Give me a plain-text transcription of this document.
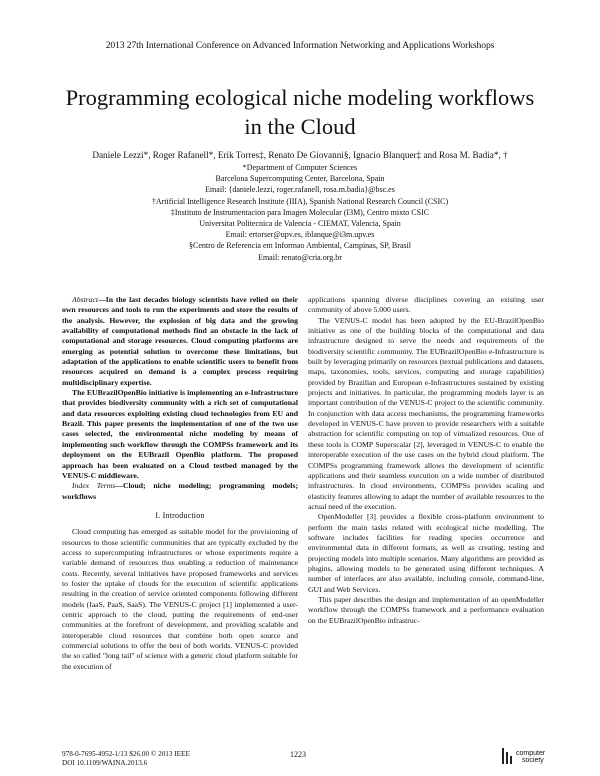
2013 27th International Conference on Advanced Information Networking and Applications Workshops
Programming ecological niche modeling workflows
in the Cloud
Daniele Lezzi*, Roger Rafanell*, Erik Torres‡, Renato De Giovanni§, Ignacio Blanquer‡ and Rosa M. Badia*, †
*Department of Computer Sciences
Barcelona Supercomputing Center, Barcelona, Spain
Email: {daniele.lezzi, roger.rafanell, rosa.m.badia}@bsc.es
†Artificial Intelligence Research Institute (IIIA), Spanish National Research Council (CSIC)
‡Instituto de Instrumentacion para Imagen Molecular (I3M), Centro mixto CSIC
Universitat Politecnica de Valencia - CIEMAT, Valencia, Spain
Email: ertorser@upv.es, iblanque@i3m.upv.es
§Centro de Referencia em Informao Ambiental, Campinas, SP, Brasil
Email: renato@cria.org.br

Abstract—In the last decades biology scientists have relied on their own resources and tools to run the experiments and store the results of the analysis. However, the explosion of big data and the growing availability of computational methods find an obstacle in the lack of computational and storage resources. Cloud computing platforms are emerging as potential solution to overcome these limitations, but adaptation of the applications to enable scientific users to benefit from resources acquired on demand is a complex process requiring multidisciplinary expertise.

The EUBrazilOpenBio initiative is implementing an e-Infrastructure that provides biodiversity community with a rich set of computational and data resources exploiting existing cloud technologies from EU and Brazil. This paper presents the implementation of one of the two use cases selected, the environmental niche modeling by means of implementing such workflow through the COMPSs framework and its deployment on the EUBrazil OpenBio platform. The proposed approach has been evaluated on a Cloud testbed managed by the VENUS-C middleware.

Index Terms—Cloud; niche modeling; programming models; workflows

I. Introduction

Cloud computing has emerged as suitable model for the provisioning of resources to those scientific communities that are typically excluded by the access to supercomputing infrastructures or whose experiments require a variable demand of resources thus enabling a reduction of maintenance costs. Recently, several initiatives have proposed frameworks and services to foster the uptake of clouds for the execution of scientific applications resulting in the creation of service oriented components following different models (IaaS, PaaS, SaaS). The VENUS-C project [1] implemented a user-centric approach to the cloud, putting the requirements of end-user communities at the forefront of development, and providing scalable and interoperable cloud resources that combine both open source and commercial solutions to offer the best of both worlds. VENUS-C provided the so called "long tail" of science with a generic cloud platform suitable for the execution of

applications spanning diverse disciplines covering an existing user community of above 5.000 users.

The VENUS-C model has been adopted by the EU-BrazilOpenBio initiative as one of the building blocks of the computational and data infrastructure designed to serve the needs and requirements of the biodiversity scientific community. The EUBrazilOpenBio e-Infrastructure is built by leveraging primarily on resources (textual publications and datasets, maps, taxonomies, tools, services, computing and storage capabilities) provided by Brazilian and European e-Infrastructures sustained by existing projects and initiatives. In particular, the programming models layer is an important contribution of the VENUS-C project to the scientific community. In conjunction with data access mechanisms, the programming frameworks developed in VENUS-C have proven to provide researchers with a suitable abstraction for scientific computing on top of virtualized resources. One of these tools is COMP Superscalar [2], leveraged in VENUS-C to enable the interoperable execution of the use cases on the hybrid cloud platform. The COMPSs programming framework allows the development of scientific applications and their seamless execution on a wide number of distributed infrastructures. In cloud environments, COMPSs provides scaling and elasticity features allowing to adapt the number of available resources to the actual need of the execution.

OpenModeller [3] provides a flexible cross-platform environment to perform the main tasks related with ecological niche modelling. The software includes facilities for reading species occurrence and environmental data in different formats, as well as creating, testing and projecting models into multiple scenarios. Many algorithms are provided as plugins, allowing models to be generated using different techniques. A number of interfaces are also available, including console, command-line, GUI and Web Services.

This paper describes the design and implementation of an openModeller workflow through the COMPSs framework and a performance evaluation on the EUBrazilOpenBio infrastruc-

978-0-7695-4952-1/13 $26.00 © 2013 IEEE
DOI 10.1109/WAINA.2013.6
1223	computer
society
